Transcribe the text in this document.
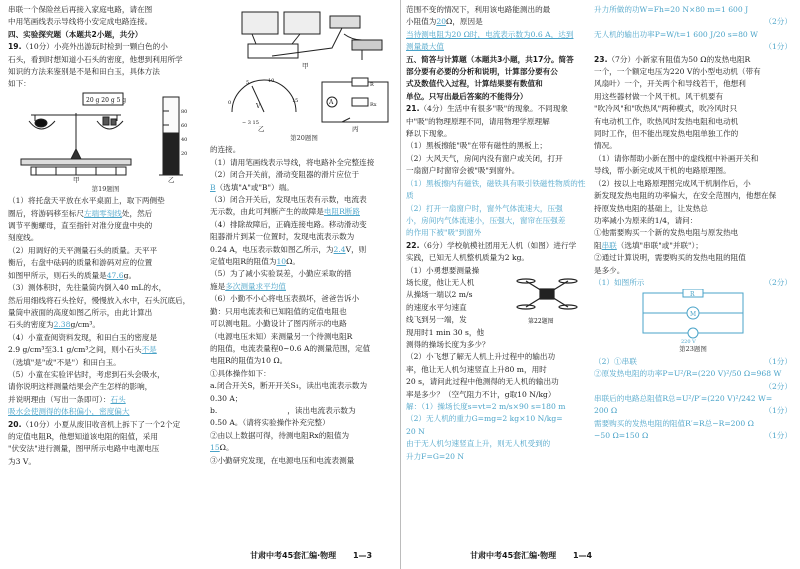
串联一个保险丝后再接入家庭电路，请在图

中用笔画线表示导线将小安定成电路连接。

四、实验探究题（本题共2小题，共分）

19.（10分）小亮外出游玩时检到一颗白色的小

石头，看到时想知道小石头的密度，他想到利用所学

知识的方法来鉴别是不是和田白玉，具体方法

如下：

20 g 20 g 5 g
80
60
40
20
甲	乙

第19题图

（1）将托盘天平放在水平桌面上，取下两侧垫

圈后，将游码移至标尺左端零刻线处，然后

调节平衡螺母，直至指针对准分度盘中央的

刻度线。

（2）用调好的天平测量石头的质量。天平平

衡后，右盘中砝码的质量和游码对应的位置

如图甲所示，则石头的质量是47.6g。

（3）测体积时，先往量筒内倒入40 mL的水，

然后用细线将石头拴好，慢慢放入水中，石头沉底后，

量筒中液面的高度如图乙所示，由此计算出

石头的密度为2.38g/cm³。

（4）小童查阅资料发现，和田白玉的密度是

2.9 g/cm³至3.1 g/cm³之间，则小石头不是

（选填"是"或"不是"）和田白玉。

（5）小童在实验评估时，考虑到石头会吸水，

请你说明这样测量结果会产生怎样的影响，

并说明理由（写出一条即可）：石头

吸水会使测得的体积偏小，密度偏大

20.（10分）小夏从废旧收音机上拆下了一个2个定

的定值电阻R，他想知道该电阻的阻值，采用

"伏安法"进行测量，图甲所示电路中电源电压

为3 V。

甲
5	10
0	15
V
− 3 15
A
R
Rx
乙	丙

第20题图

的连接。

（1）请用笔画线表示导线，将电路补全完整连接

（2）闭合开关前，滑动变阻器的滑片应位于

B（选填"A"或"B"）端。

（3）闭合开关后，发现电压表有示数，电流表

无示数，由此可判断产生的故障是电阻R断路

（4）排除故障后，正确连接电路。移动滑动变

阻器滑片到某一位置时，发现电流表示数为

0.24 A，电压表示数如图乙所示，为2.4V，则

定值电阻R的阻值为10Ω。

（5）为了减小实验误差，小勤应采取的措

施是多次测量求平均值

（6）小勤不小心将电压表损坏，爸爸告诉小

勤：只用电流表和已知阻值的定值电阻也

可以测电阻。小勤设计了图丙所示的电路

（电源电压未知）来测量另一个待测电阻R

的阻值，电流表量程0~0.6 A的测量范围，定值

电阻R的阻值为10 Ω。

①具体操作如下：

a.闭合开关S，断开开关S₁，读出电流表示数为

0.30 A；

b.	，读出电流表示数为

0.50 A。（请将实验操作补充完整）

②由以上数据可得，待测电阻Rx的阻值为

15Ω。

③小勤研究发现，在电源电压和电流表测量

甘肃中考45套汇编·物理 1—3

范围不变的情况下，利用该电路能测出的最

小阻值为20Ω，原因是

当待测电阻为20 Ω时，电流表示数为0.6 A，达到

测量最大值

五、简答与计算题（本题共3小题，共17分。简答

部分要有必要的分析和说明，计算部分要有公

式及数值代入过程，计算结果要有数值和

单位。只写出最后答案的不能得分）

21.（4分）生活中有很多"吸"的现象。不同现象

中"吸"的物理原理不同，请用物理学原理解

释以下现象。

（1）黑板擦能"吸"在带有磁性的黑板上；

（2）大风天气，房间内没有窗户或关闭，打开

一扇窗户时窗帘会被"吸"到窗外。

（1）黑板擦内有磁铁，磁铁具有吸引铁磁性物质的性质

（2）打开一扇窗户时，窗外气体流速大，压强

小，房间内气体流速小，压强大，窗帘在压强差

的作用下被"吸"到窗外

22.（6分）学校航模社团用无人机（如图）进行学

实践，已知无人机整机质量为2 kg。

（1）小勇想要测量操

场长度，他让无人机

从操场一端以2 m/s

的速度水平匀速直

线飞到另一端，发

现用时1 min 30 s，他

第22题图

测得的操场长度为多少？

（2）小飞想了解无人机上升过程中的输出功

率，他让无人机匀速竖直上升80 m，用时

20 s，请问此过程中他测得的无人机的输出功

率是多少？（空气阻力不计，g取10 N/kg）

解：（1）操场长度s=vt=2 m/s×90 s=180 m

（2）无人机的重力G=mg=2 kg×10 N/kg=

20 N

由于无人机匀速竖直上升，则无人机受到的

升力F=G=20 N

甘肃中考45套汇编·物理 1—4

升力所做的功W=Fh=20 N×80 m=1 600 J

（2分）

无人机的输出功率P=W/t=1 600 J/20 s=80 W

（1分）

23.（7分）小新家有阻值为50 Ω的发热电阻R

一个，一个额定电压为220 V的小型电动机（带有

风扇叶）一个，开关两个和导线若干，他想利

用这些器材做一个风干机。风干机要有

"吹冷风"和"吹热风"两种模式，吹冷风时只

有电动机工作，吹热风时发热电阻和电动机

同时工作，但不能出现发热电阻单独工作的

情况。

（1）请你帮助小新在图中的虚线框中补画开关和

导线，帮小新完成风干机的电路原理图。

（2）按以上电路原理图完成风干机制作后，小

新发现发热电阻的功率偏大，在安全范围内，他想在保

持原发热电阻的基础上，让发热总

功率减小为原来的1/4，请问：

①他需要购买一个新的发热电阻与原发热电

阻串联（选填"串联"或"并联"）；

②通过计算说明，需要购买的发热电阻的阻值

是多少。

（1）如图所示	（2分）

R
M
220 V

第23题图

（2）①串联	（1分）

②原发热电阻的功率P=U²/R=(220 V)²/50 Ω=968 W

（2分）

串联后的电路总阻值R总=U²/P′=(220 V)²/242 W=

200 Ω	（1分）

需要购买的发热电阻的阻值R′=R总−R=200 Ω

−50 Ω=150 Ω	（1分）
